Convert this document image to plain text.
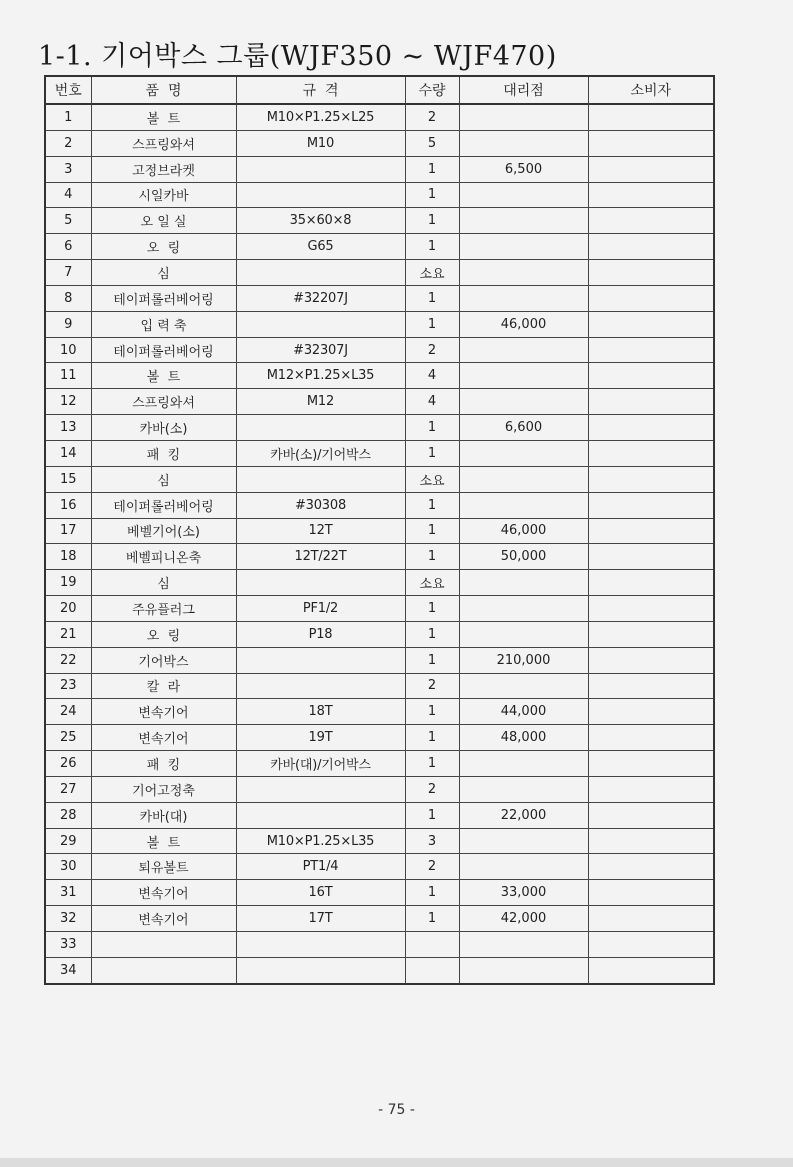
1-1. 기어박스 그룹(WJF350 ~ WJF470)
번호	품  명	규  격	수량	대리점	소비자
1	볼  트	M10×P1.25×L25	2		
2	스프링와셔	M10	5		
3	고정브라켓		1	6,500	
4	시일카바		1		
5	오 일 실	35×60×8	1		
6	오  링	G65	1		
7	심		소요		
8	테이퍼롤러베어링	#32207J	1		
9	입 력 축		1	46,000	
10	테이퍼롤러베어링	#32307J	2		
11	볼  트	M12×P1.25×L35	4		
12	스프링와셔	M12	4		
13	카바(소)		1	6,600	
14	패  킹	카바(소)/기어박스	1		
15	심		소요		
16	테이퍼롤러베어링	#30308	1		
17	베벨기어(소)	12T	1	46,000	
18	베벨피니온축	12T/22T	1	50,000	
19	심		소요		
20	주유플러그	PF1/2	1		
21	오  링	P18	1		
22	기어박스		1	210,000	
23	칼  라		2		
24	변속기어	18T	1	44,000	
25	변속기어	19T	1	48,000	
26	패  킹	카바(대)/기어박스	1		
27	기어고정축		2		
28	카바(대)		1	22,000	
29	볼  트	M10×P1.25×L35	3		
30	퇴유볼트	PT1/4	2		
31	변속기어	16T	1	33,000	
32	변속기어	17T	1	42,000	
33					
34					
- 75 -
